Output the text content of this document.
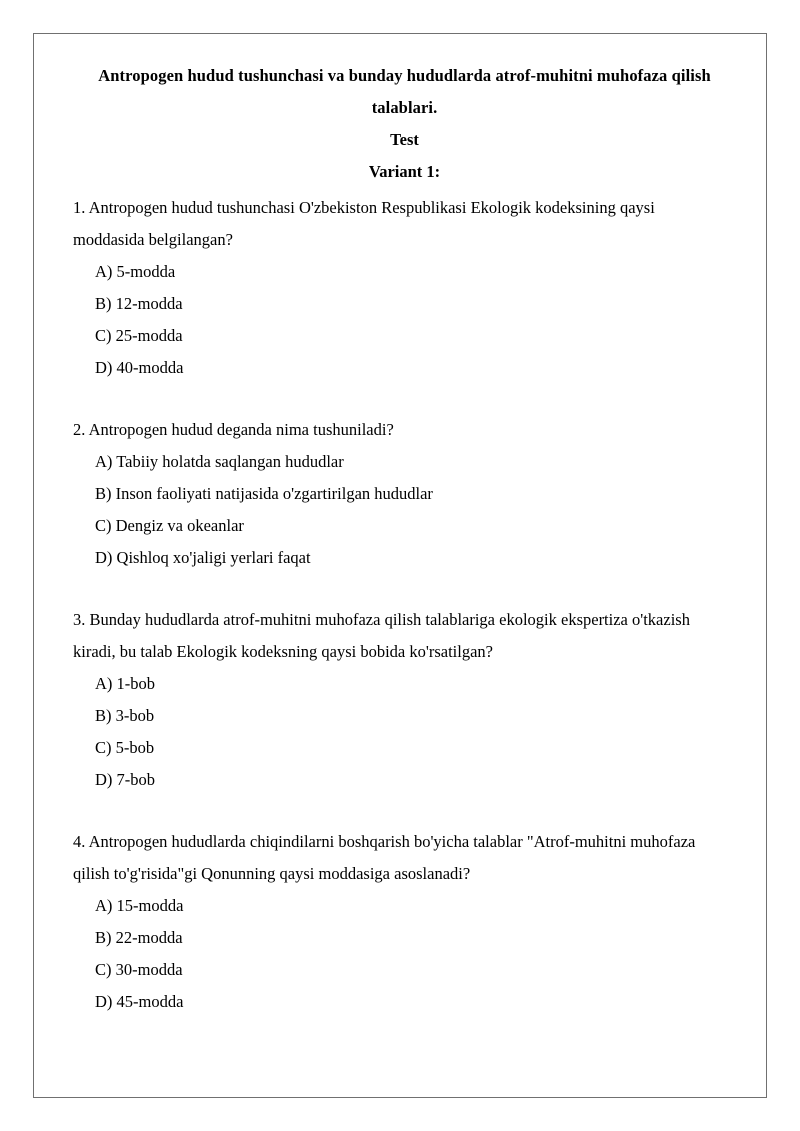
Antropogen hudud tushunchasi va bunday hududlarda atrof-muhitni muhofaza qilish talablari.
Test
Variant 1:

1. Antropogen hudud tushunchasi O'zbekiston Respublikasi Ekologik kodeksining qaysi moddasida belgilangan?

A) 5-modda
B) 12-modda
C) 25-modda
D) 40-modda

2. Antropogen hudud deganda nima tushuniladi?

A) Tabiiy holatda saqlangan hududlar
B) Inson faoliyati natijasida o'zgartirilgan hududlar
C) Dengiz va okeanlar
D) Qishloq xo'jaligi yerlari faqat

3. Bunday hududlarda atrof-muhitni muhofaza qilish talablariga ekologik ekspertiza o'tkazish kiradi, bu talab Ekologik kodeksning qaysi bobida ko'rsatilgan?

A) 1-bob
B) 3-bob
C) 5-bob
D) 7-bob

4. Antropogen hududlarda chiqindilarni boshqarish bo'yicha talablar "Atrof-muhitni muhofaza qilish to'g'risida"gi Qonunning qaysi moddasiga asoslanadi?

A) 15-modda
B) 22-modda
C) 30-modda
D) 45-modda
